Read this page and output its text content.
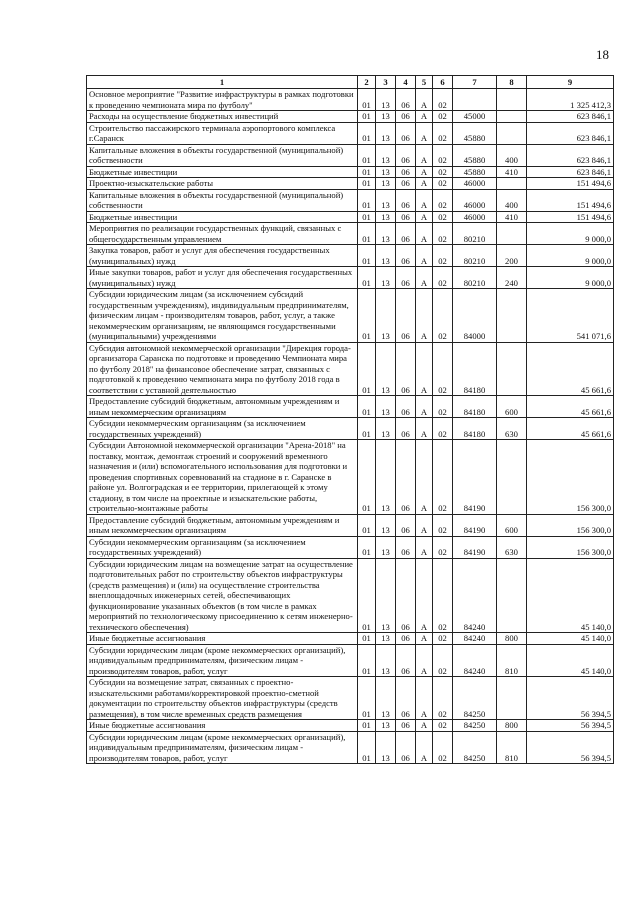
18
1	2	3	4	5	6	7	8	9
Основное мероприятие "Развитие инфраструктуры в рамках подготовки к проведению чемпионата мира по футболу"	01	13	06	А	02			1 325 412,3
Расходы на осуществление бюджетных инвестиций	01	13	06	А	02	45000		623 846,1
Строительство пассажирского терминала аэропортового комплекса г.Саранск	01	13	06	А	02	45880		623 846,1
Капитальные вложения в объекты государственной (муниципальной) собственности	01	13	06	А	02	45880	400	623 846,1
Бюджетные инвестиции	01	13	06	А	02	45880	410	623 846,1
Проектно-изыскательские работы	01	13	06	А	02	46000		151 494,6
Капитальные вложения в объекты государственной (муниципальной) собственности	01	13	06	А	02	46000	400	151 494,6
Бюджетные инвестиции	01	13	06	А	02	46000	410	151 494,6
Мероприятия по реализации государственных функций, связанных с общегосударственным управлением	01	13	06	А	02	80210		9 000,0
Закупка товаров, работ и услуг для обеспечения государственных (муниципальных) нужд	01	13	06	А	02	80210	200	9 000,0
Иные закупки товаров, работ и услуг для обеспечения государственных (муниципальных) нужд	01	13	06	А	02	80210	240	9 000,0
Субсидии юридическим лицам (за исключением субсидий государственным учреждениям), индивидуальным предпринимателям, физическим лицам - производителям товаров, работ, услуг, а также некоммерческим организациям, не являющимся государственными (муниципальными) учреждениями	01	13	06	А	02	84000		541 071,6
Субсидия автономной некоммерческой организации "Дирекция города-организатора Саранска по подготовке и проведению Чемпионата мира по футболу 2018" на финансовое обеспечение затрат, связанных с подготовкой к проведению чемпионата мира по футболу 2018 года в соответствии с уставной деятельностью	01	13	06	А	02	84180		45 661,6
Предоставление субсидий бюджетным, автономным учреждениям и иным некоммерческим организациям	01	13	06	А	02	84180	600	45 661,6
Субсидии некоммерческим организациям (за исключением государственных учреждений)	01	13	06	А	02	84180	630	45 661,6
Субсидии Автономной некоммерческой организации "Арена-2018" на поставку, монтаж, демонтаж строений и сооружений временного назначения и (или) вспомогательного использования для подготовки и проведения спортивных соревнований на стадионе в г. Саранске в районе ул. Волгоградская и ее территории, прилегающей к этому стадиону, в том числе на проектные и изыскательские работы, строительно-монтажные работы	01	13	06	А	02	84190		156 300,0
Предоставление субсидий бюджетным, автономным учреждениям и иным некоммерческим организациям	01	13	06	А	02	84190	600	156 300,0
Субсидии некоммерческим организациям (за исключением государственных учреждений)	01	13	06	А	02	84190	630	156 300,0
Субсидии юридическим лицам на возмещение затрат на осуществление подготовительных работ по строительству объектов инфраструктуры (средств размещения) и (или) на осуществление строительства внеплощадочных инженерных сетей, обеспечивающих функционирование указанных объектов (в том числе в рамках мероприятий по технологическому присоединению к сетям инженерно-технического обеспечения)	01	13	06	А	02	84240		45 140,0
Иные бюджетные ассигнования	01	13	06	А	02	84240	800	45 140,0
Субсидии юридическим лицам (кроме некоммерческих организаций), индивидуальным предпринимателям, физическим лицам - производителям товаров, работ, услуг	01	13	06	А	02	84240	810	45 140,0
Субсидии на возмещение затрат, связанных с проектно-изыскательскими работами/корректировкой проектно-сметной документации по строительству объектов инфраструктуры (средств размещения), в том числе временных средств размещения	01	13	06	А	02	84250		56 394,5
Иные бюджетные ассигнования	01	13	06	А	02	84250	800	56 394,5
Субсидии юридическим лицам (кроме некоммерческих организаций), индивидуальным предпринимателям, физическим лицам - производителям товаров, работ, услуг	01	13	06	А	02	84250	810	56 394,5
